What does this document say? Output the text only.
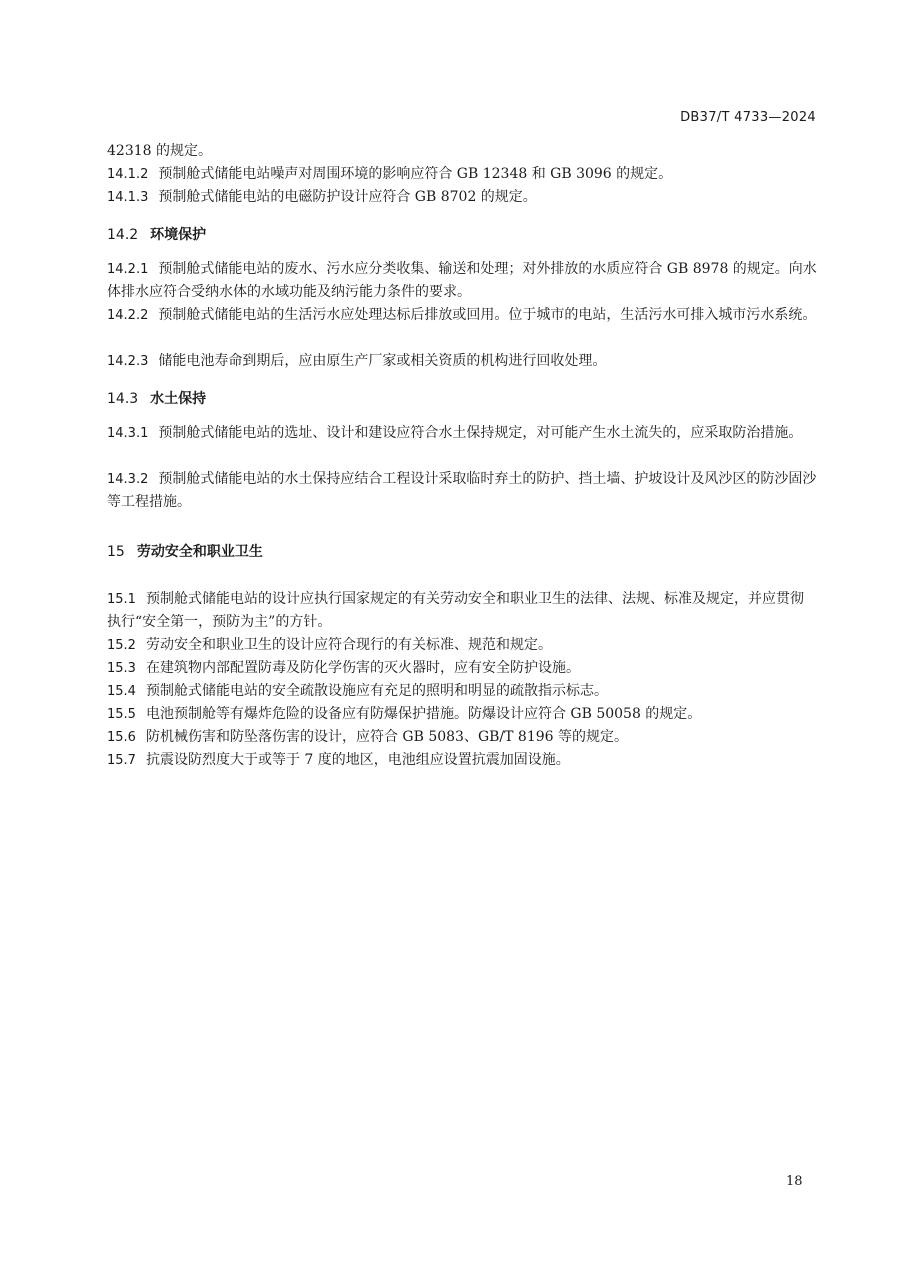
DB37/T 4733—2024
42318 的规定。
14.1.2 预制舱式储能电站噪声对周围环境的影响应符合 GB 12348 和 GB 3096 的规定。
14.1.3 预制舱式储能电站的电磁防护设计应符合 GB 8702 的规定。
14.2 环境保护
14.2.1 预制舱式储能电站的废水、污水应分类收集、输送和处理；对外排放的水质应符合 GB 8978 的规定。向水体排水应符合受纳水体的水域功能及纳污能力条件的要求。
14.2.2 预制舱式储能电站的生活污水应处理达标后排放或回用。位于城市的电站，生活污水可排入城市污水系统。
14.2.3 储能电池寿命到期后，应由原生产厂家或相关资质的机构进行回收处理。
14.3 水土保持
14.3.1 预制舱式储能电站的选址、设计和建设应符合水土保持规定，对可能产生水土流失的，应采取防治措施。
14.3.2 预制舱式储能电站的水土保持应结合工程设计采取临时弃土的防护、挡土墙、护坡设计及风沙区的防沙固沙等工程措施。
15 劳动安全和职业卫生
15.1 预制舱式储能电站的设计应执行国家规定的有关劳动安全和职业卫生的法律、法规、标准及规定，并应贯彻执行“安全第一，预防为主”的方针。
15.2 劳动安全和职业卫生的设计应符合现行的有关标准、规范和规定。
15.3 在建筑物内部配置防毒及防化学伤害的灭火器时，应有安全防护设施。
15.4 预制舱式储能电站的安全疏散设施应有充足的照明和明显的疏散指示标志。
15.5 电池预制舱等有爆炸危险的设备应有防爆保护措施。防爆设计应符合 GB 50058 的规定。
15.6 防机械伤害和防坠落伤害的设计，应符合 GB 5083、GB/T 8196 等的规定。
15.7 抗震设防烈度大于或等于 7 度的地区，电池组应设置抗震加固设施。
18
